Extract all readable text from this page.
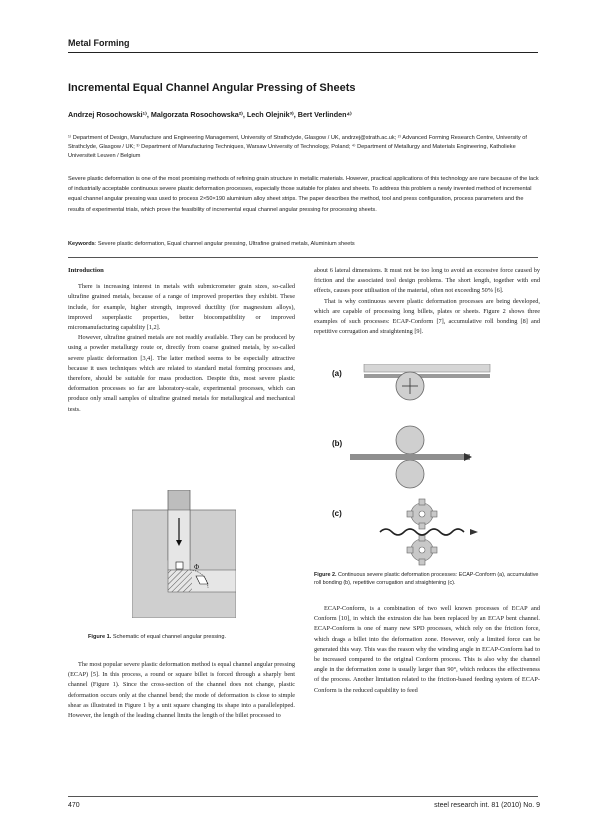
Metal Forming
Incremental Equal Channel Angular Pressing of Sheets
Andrzej Rosochowski¹⁾, Malgorzata Rosochowska²⁾, Lech Olejnik³⁾, Bert Verlinden⁴⁾
¹⁾ Department of Design, Manufacture and Engineering Management, University of Strathclyde, Glasgow / UK, andrzej@strath.ac.uk; ²⁾ Advanced Forming Research Centre, University of Strathclyde, Glasgow / UK; ³⁾ Department of Manufacturing Techniques, Warsaw University of Technology, Poland; ⁴⁾ Department of Metallurgy and Materials Engineering, Katholieke Universiteit Leuven / Belgium
Severe plastic deformation is one of the most promising methods of refining grain structure in metallic materials. However, practical applications of this technology are rare because of the lack of industrially acceptable continuous severe plastic deformation processes, especially those suitable for plates and sheets. To address this problem a newly invented method of incremental equal channel angular pressing was used to process 2×50×190 aluminium alloy sheet strips. The paper describes the method, tool and press configuration, process parameters and the results of experimental trials, which prove the feasibility of incremental equal channel angular pressing for processing sheets.
Keywords: Severe plastic deformation, Equal channel angular pressing, Ultrafine grained metals, Aluminium sheets
Introduction

There is increasing interest in metals with submicrometer grain sizes, so-called ultrafine grained metals, because of a range of improved properties they exhibit. These include, for example, higher strength, improved ductility (for magnesium alloys), improved superplastic properties, better biocompatibility or improved micromanufacturing capability [1,2].

However, ultrafine grained metals are not readily available. They can be produced by using a powder metallurgy route or, directly from coarse grained metals, by so-called severe plastic deformation [3,4]. The latter method seems to be especially attractive because it uses techniques which are related to standard metal forming processes and, therefore, should be suitable for mass production. Despite this, most severe plastic deformation processes so far are laboratory-scale, experimental processes, which can produce only small samples of ultrafine grained metals for metallurgical and mechanical tests.

Φ
Figure 1. Schematic of equal channel angular pressing.

The most popular severe plastic deformation method is equal channel angular pressing (ECAP) [5]. In this process, a round or square billet is forced through a sharply bent channel (Figure 1). Since the cross-section of the channel does not change, plastic deformation occurs only at the channel bend; the mode of deformation is close to simple shear as illustrated in Figure 1 by a unit square changing its shape into a parallelepiped. However, the length of the leading channel limits the length of the billet processed to

about 6 lateral dimensions. It must not be too long to avoid an excessive force caused by friction and the associated tool design problems. The short length, together with end effects, causes poor utilisation of the material, often not exceeding 50% [6].

That is why continuous severe plastic deformation processes are being developed, which are capable of processing long billets, plates or sheets. Figure 2 shows three examples of such processes: ECAP-Conform [7], accumulative roll bonding [8] and repetitive corrugation and straightening [9].

(a)
(b)
(c)
Figure 2. Continuous severe plastic deformation processes: ECAP-Conform (a), accumulative roll bonding (b), repetitive corrugation and straightening (c).

ECAP-Conform, is a combination of two well known processes of ECAP and Conform [10], in which the extrusion die has been replaced by an ECAP bent channel. ECAP-Conform is one of many new SPD processes, which rely on the friction force, which drags a billet into the deformation zone. However, only a limited force can be generated this way. This was the reason why the winding angle in ECAP-Conform had to be increased compared to the original Conform process. This is also why the channel angle in the deformation zone is usually larger than 90°, which reduces the effectiveness of the process. Another limitation related to the friction-based feeding system of ECAP-Conform is the reduced capability to feed

470	steel research int. 81 (2010) No. 9
